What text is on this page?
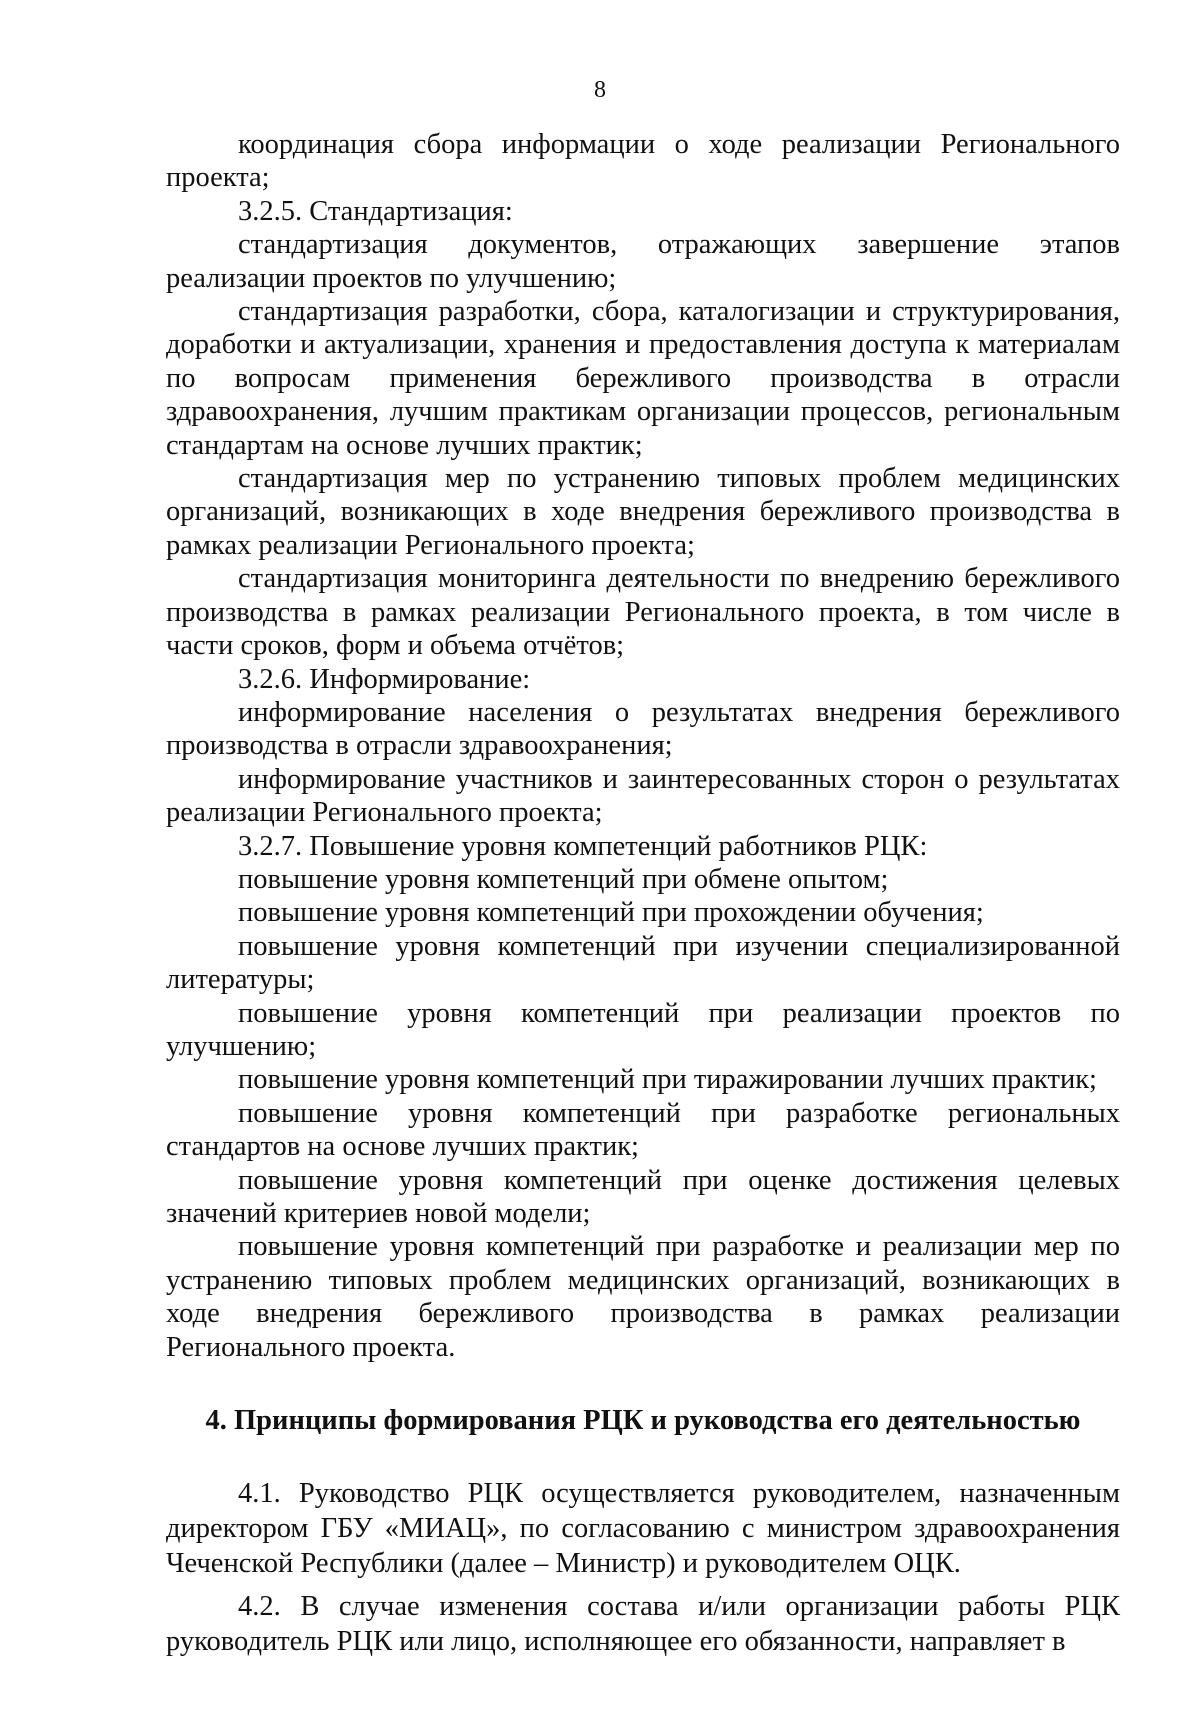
8

координация сбора информации о ходе реализации Регионального проекта;

3.2.5. Стандартизация:

стандартизация документов, отражающих завершение этапов реализации проектов по улучшению;

стандартизация разработки, сбора, каталогизации и структурирования, доработки и актуализации, хранения и предоставления доступа к материалам по вопросам применения бережливого производства в отрасли здравоохранения, лучшим практикам организации процессов, региональным стандартам на основе лучших практик;

стандартизация мер по устранению типовых проблем медицинских организаций, возникающих в ходе внедрения бережливого производства в рамках реализации Регионального проекта;

стандартизация мониторинга деятельности по внедрению бережливого производства в рамках реализации Регионального проекта, в том числе в части сроков, форм и объема отчётов;

3.2.6. Информирование:

информирование населения о результатах внедрения бережливого производства в отрасли здравоохранения;

информирование участников и заинтересованных сторон о результатах реализации Регионального проекта;

3.2.7. Повышение уровня компетенций работников РЦК:

повышение уровня компетенций при обмене опытом;

повышение уровня компетенций при прохождении обучения;

повышение уровня компетенций при изучении специализированной литературы;

повышение уровня компетенций при реализации проектов по улучшению;

повышение уровня компетенций при тиражировании лучших практик;

повышение уровня компетенций при разработке региональных стандартов на основе лучших практик;

повышение уровня компетенций при оценке достижения целевых значений критериев новой модели;

повышение уровня компетенций при разработке и реализации мер по устранению типовых проблем медицинских организаций, возникающих в ходе внедрения бережливого производства в рамках реализации Регионального проекта.

4. Принципы формирования РЦК и руководства его деятельностью

4.1. Руководство РЦК осуществляется руководителем, назначенным директором ГБУ «МИАЦ», по согласованию с министром здравоохранения Чеченской Республики (далее – Министр) и руководителем ОЦК.

4.2. В случае изменения состава и/или организации работы РЦК руководитель РЦК или лицо, исполняющее его обязанности, направляет в
